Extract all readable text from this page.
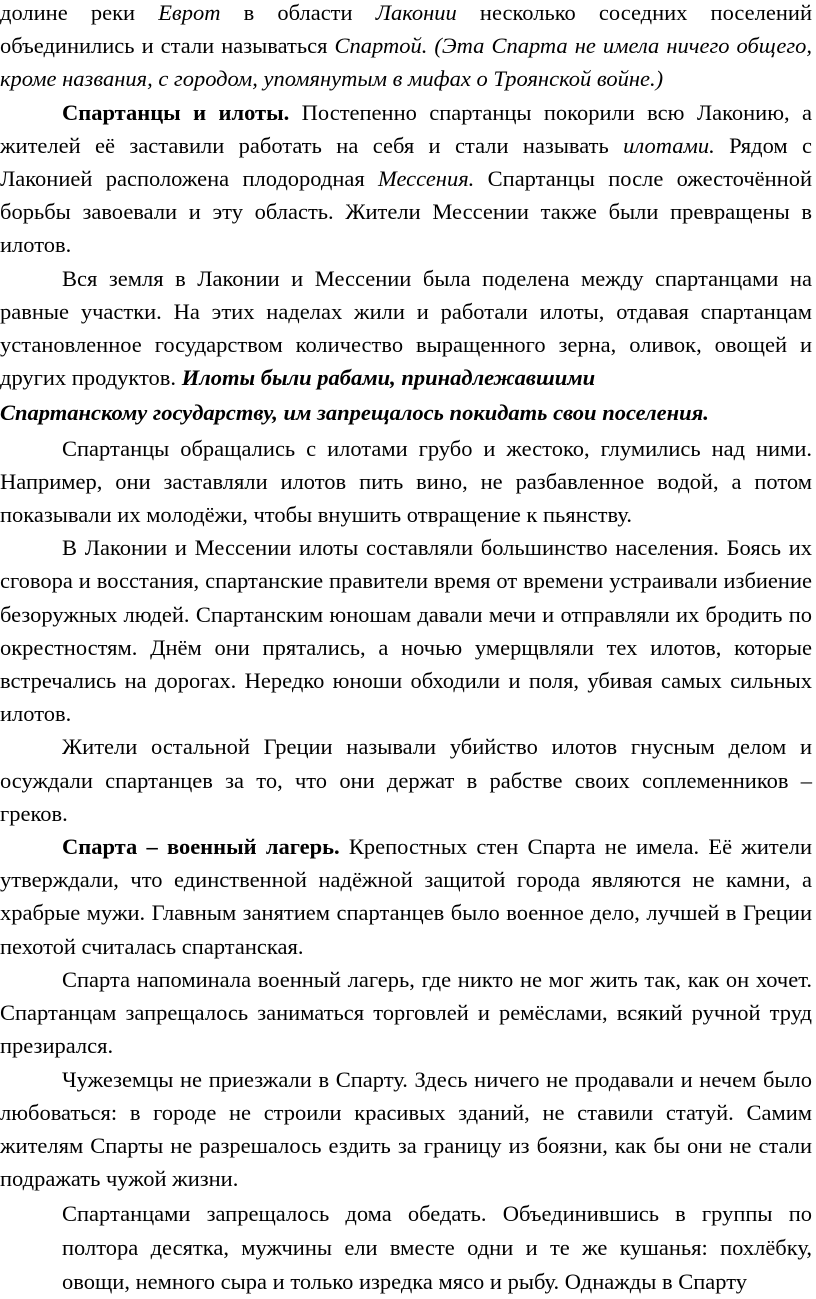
долине реки Еврот в области Лаконии несколько соседних поселений объединились и стали называться Спартой. (Эта Спарта не имела ничего общего, кроме названия, с городом, упомянутым в мифах о Троянской войне.)

Спартанцы и илоты. Постепенно спартанцы покорили всю Лаконию, а жителей её заставили работать на себя и стали называть илотами. Рядом с Лаконией расположена плодородная Мессения. Спартанцы после ожесточённой борьбы завоевали и эту область. Жители Мессении также были превращены в илотов.

Вся земля в Лаконии и Мессении была поделена между спартанцами на равные участки. На этих наделах жили и работали илоты, отдавая спартанцам установленное государством количество выращенного зерна, оливок, овощей и других продуктов. Илоты были рабами, принадлежавшими

Спартанскому государству, им запрещалось покидать свои поселения.

Спартанцы обращались с илотами грубо и жестоко, глумились над ними. Например, они заставляли илотов пить вино, не разбавленное водой, а потом показывали их молодёжи, чтобы внушить отвращение к пьянству.

В Лаконии и Мессении илоты составляли большинство населения. Боясь их сговора и восстания, спартанские правители время от времени устраивали избиение безоружных людей. Спартанским юношам давали мечи и отправляли их бродить по окрестностям. Днём они прятались, а ночью умерщвляли тех илотов, которые встречались на дорогах. Нередко юноши обходили и поля, убивая самых сильных илотов.

Жители остальной Греции называли убийство илотов гнусным делом и осуждали спартанцев за то, что они держат в рабстве своих соплеменников – греков.

Спарта – военный лагерь. Крепостных стен Спарта не имела. Её жители утверждали, что единственной надёжной защитой города являются не камни, а храбрые мужи. Главным занятием спартанцев было военное дело, лучшей в Греции пехотой считалась спартанская.

Спарта напоминала военный лагерь, где никто не мог жить так, как он хочет. Спартанцам запрещалось заниматься торговлей и ремёслами, всякий ручной труд презирался.

Чужеземцы не приезжали в Спарту. Здесь ничего не продавали и нечем было любоваться: в городе не строили красивых зданий, не ставили статуй. Самим жителям Спарты не разрешалось ездить за границу из боязни, как бы они не стали подражать чужой жизни.

Спартанцами запрещалось дома обедать. Объединившись в группы по полтора десятка, мужчины ели вместе одни и те же кушанья: похлёбку, овощи, немного сыра и только изредка мясо и рыбу. Однажды в Спарту
